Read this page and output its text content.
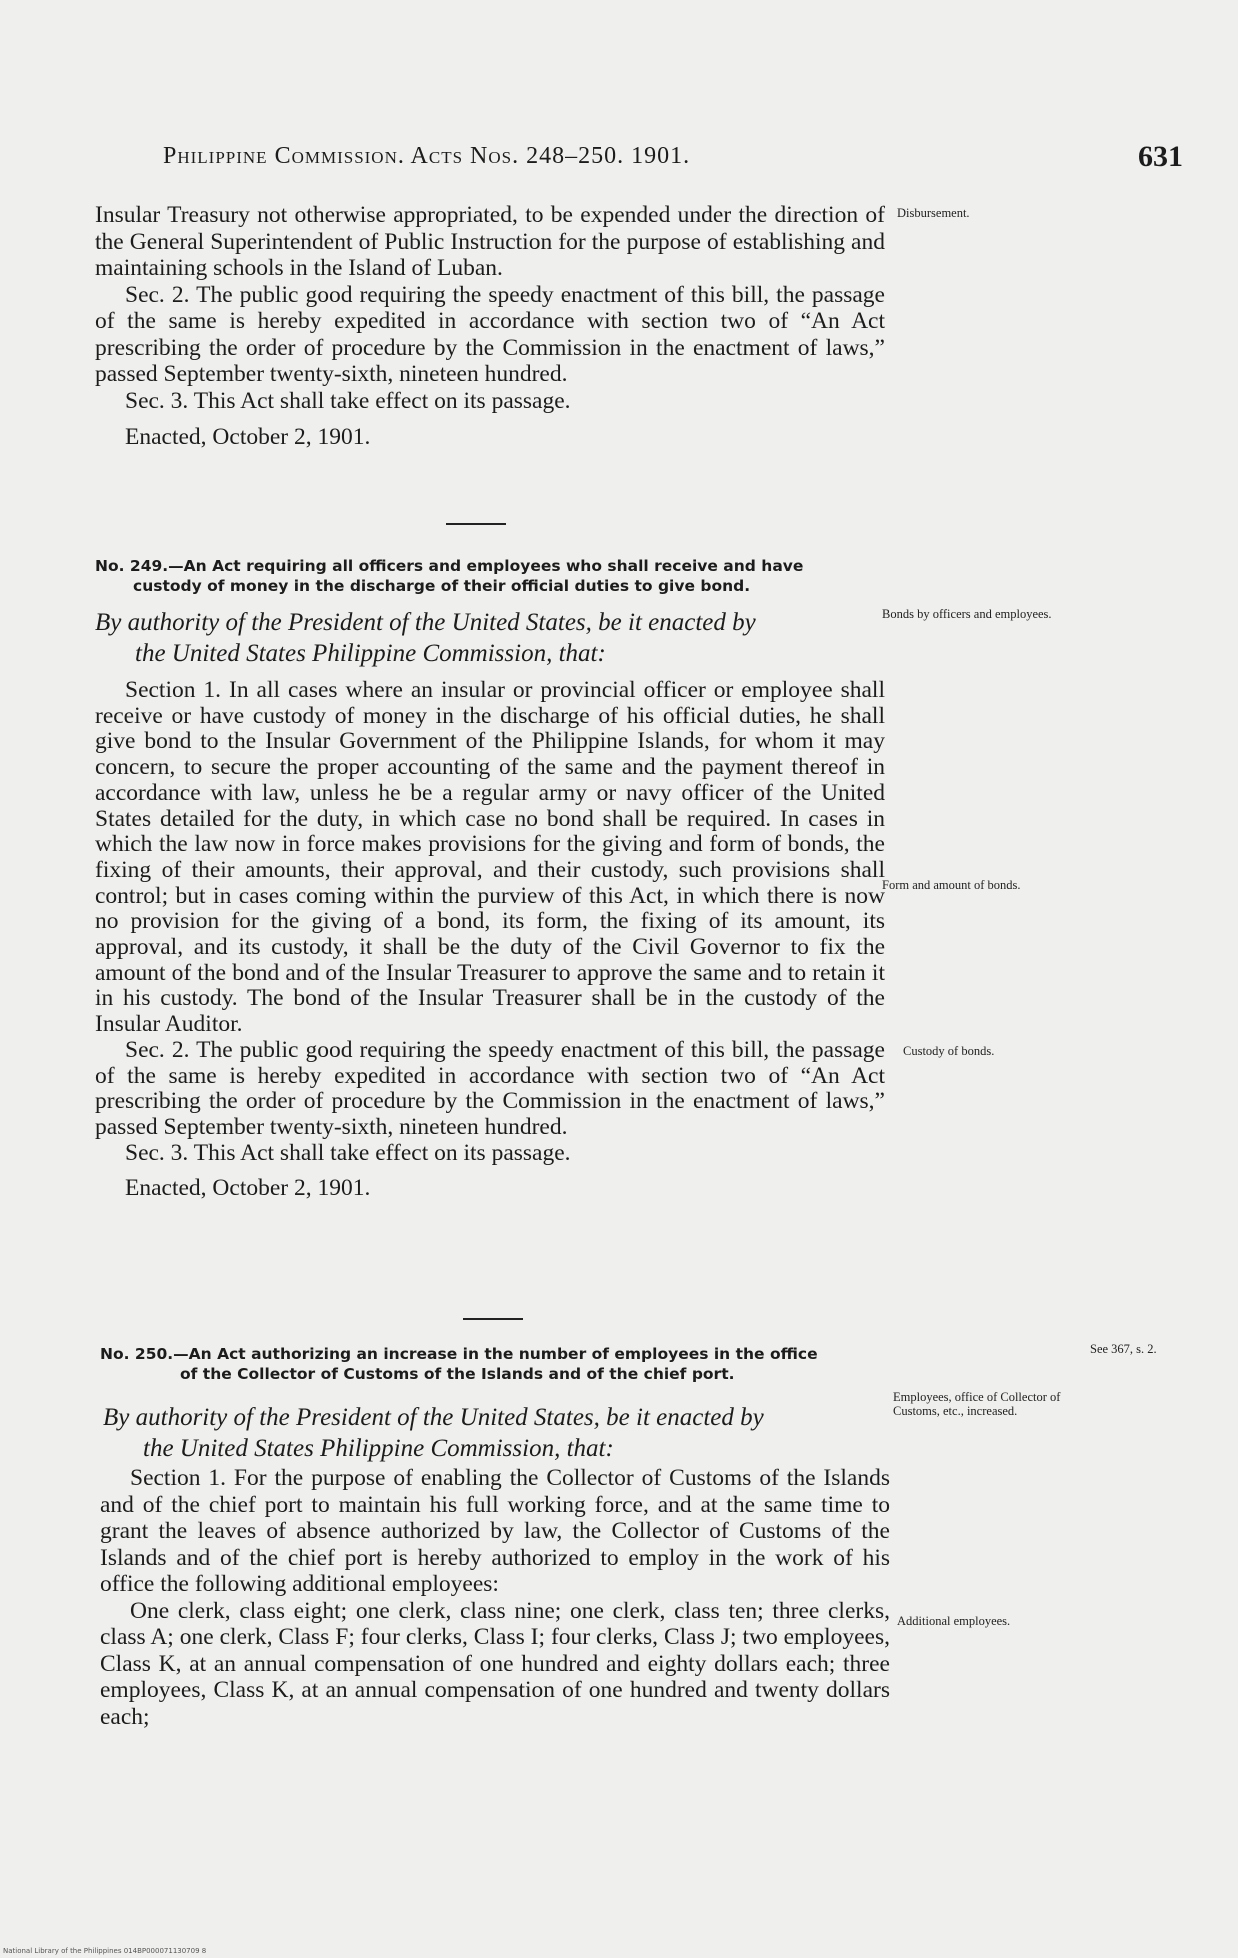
Philippine Commission. Acts Nos. 248–250. 1901.	631

Insular Treasury not otherwise appropriated, to be expended under the direction of the General Superintendent of Public Instruction for the purpose of establishing and maintaining schools in the Island of Luban.

Sec. 2. The public good requiring the speedy enactment of this bill, the passage of the same is hereby expedited in accordance with section two of “An Act prescribing the order of procedure by the Commission in the enactment of laws,” passed September twenty-sixth, nineteen hundred.

Sec. 3. This Act shall take effect on its passage.

Enacted, October 2, 1901.

Disbursement.
No. 249.—An Act requiring all officers and employees who shall receive and have
custody of money in the discharge of their official duties to give bond.
By authority of the President of the United States, be it enacted by
the United States Philippine Commission, that:
Bonds by officers and employees.

Section 1. In all cases where an insular or provincial officer or employee shall receive or have custody of money in the discharge of his official duties, he shall give bond to the Insular Government of the Philippine Islands, for whom it may concern, to secure the proper accounting of the same and the payment thereof in accordance with law, unless he be a regular army or navy officer of the United States detailed for the duty, in which case no bond shall be required. In cases in which the law now in force makes provisions for the giving and form of bonds, the fixing of their amounts, their approval, and their custody, such provisions shall control; but in cases coming within the purview of this Act, in which there is now no provision for the giving of a bond, its form, the fixing of its amount, its approval, and its custody, it shall be the duty of the Civil Governor to fix the amount of the bond and of the Insular Treasurer to approve the same and to retain it in his custody. The bond of the Insular Treasurer shall be in the custody of the Insular Auditor.

Sec. 2. The public good requiring the speedy enactment of this bill, the passage of the same is hereby expedited in accordance with section two of “An Act prescribing the order of procedure by the Commission in the enactment of laws,” passed September twenty-sixth, nineteen hundred.

Sec. 3. This Act shall take effect on its passage.

Enacted, October 2, 1901.

Form and amount of bonds.
Custody of bonds.
No. 250.—An Act authorizing an increase in the number of employees in the office
of the Collector of Customs of the Islands and of the chief port.
See 367, s. 2.
By authority of the President of the United States, be it enacted by
the United States Philippine Commission, that:
Employees, office of Collector of Customs, etc., increased.

Section 1. For the purpose of enabling the Collector of Customs of the Islands and of the chief port to maintain his full working force, and at the same time to grant the leaves of absence authorized by law, the Collector of Customs of the Islands and of the chief port is hereby authorized to employ in the work of his office the following additional employees:

One clerk, class eight; one clerk, class nine; one clerk, class ten; three clerks, class A; one clerk, Class F; four clerks, Class I; four clerks, Class J; two employees, Class K, at an annual compensation of one hundred and eighty dollars each; three employees, Class K, at an annual compensation of one hundred and twenty dollars each;

Additional employees.
National Library of the Philippines 014BP000071130709 8
